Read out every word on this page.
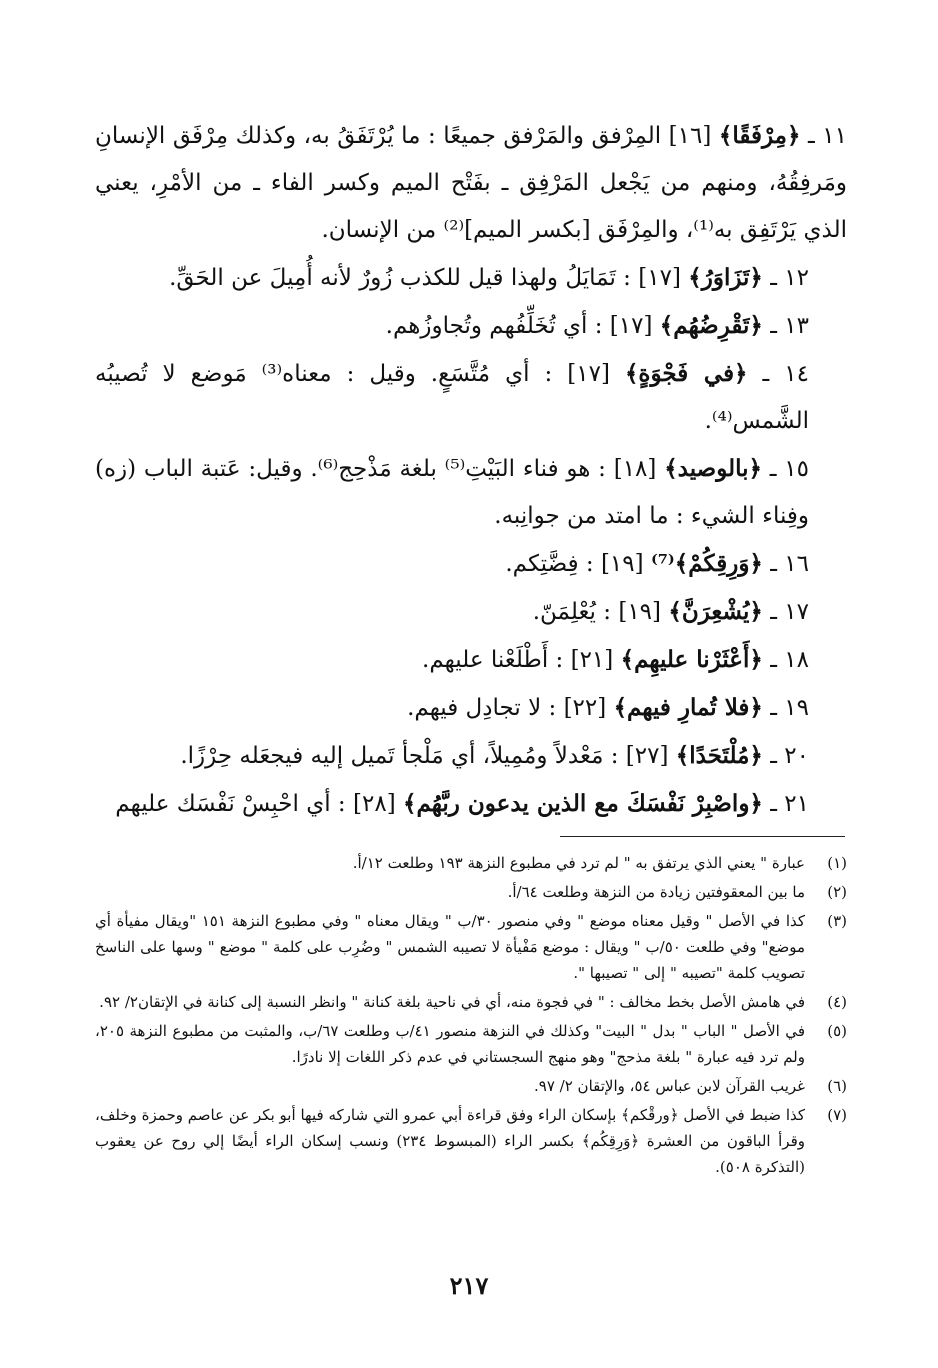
١١ ـ ﴿مِرْفَقًا﴾ [١٦] المِرْفق والمَرْفق جميعًا : ما يُرْتَفَقُ به، وكذلك مِرْفَق الإنسانِ ومَرفِقُهُ، ومنهم من يَجْعل المَرْفِق ـ بفَتْح الميم وكسر الفاء ـ من الأمْرِ، يعني الذي يَرْتَفِق به⁽¹⁾، والمِرْفَق [بكسر الميم]⁽²⁾ من الإنسان.

١٢ ـ ﴿تَزَاوَرُ﴾ [١٧] : تَمَايَلُ ولهذا قيل للكذب زُورٌ لأنه أُمِيلَ عن الحَقِّ.

١٣ ـ ﴿تَقْرِضُهُم﴾ [١٧] : أي تُخَلِّفُهم وتُجاوزُهم.

١٤ ـ ﴿في فَجْوَةٍ﴾ [١٧] : أي مُتَّسَعٍ. وقيل : معناه⁽³⁾ مَوضع لا تُصيبُه الشَّمس⁽⁴⁾.

١٥ ـ ﴿بالوصيد﴾ [١٨] : هو فناء البَيْتِ⁽⁵⁾ بلغة مَذْحِج⁽⁶⁾. وقيل: عَتبة الباب (زه) وفِناء الشيء : ما امتد من جوانِبه.

١٦ ـ ﴿وَرِقِكُمْ﴾⁽⁷⁾ [١٩] : فِضَّتِكم.

١٧ ـ ﴿يُشْعِرَنَّ﴾ [١٩] : يُعْلِمَنّ.

١٨ ـ ﴿أَعْثَرْنا عليهِم﴾ [٢١] : أَطْلَعْنا عليهم.

١٩ ـ ﴿فلا تُمارِ فيهم﴾ [٢٢] : لا تجادِل فيهم.

٢٠ ـ ﴿مُلْتَحَدًا﴾ [٢٧] : مَعْدلاً ومُمِيلاً، أي مَلْجأ تَميل إليه فيجعَله حِرْزًا.

٢١ ـ ﴿واصْبِرْ نَفْسَكَ مع الذين يدعون ربَّهُم﴾ [٢٨] : أي احْبِسْ نَفْسَك عليهم

(١)
عبارة " يعني الذي يرتفق به " لم ترد في مطبوع النزهة ١٩٣ وطلعت ١٢/أ.
(٢)
ما بين المعقوفتين زيادة من النزهة وطلعت ٦٤/أ.
(٣)
كذا في الأصل " وقيل معناه موضع " وفي منصور ٣٠/ب " ويقال معناه " وفي مطبوع النزهة ١٥١ "ويقال مفيأة أي موضع" وفي طلعت ٥٠/ب " ويقال : موضع مَفْيأة لا تصيبه الشمس " وضُرِب على كلمة " موضع " وسها على الناسخ تصويب كلمة "تصيبه " إلى " تصيبها ".
(٤)
في هامش الأصل بخط مخالف : " في فجوة منه، أي في ناحية بلغة كنانة " وانظر النسبة إلى كنانة في الإتقان٢/ ٩٢.
(٥)
في الأصل " الباب " بدل " البيت" وكذلك في النزهة منصور ٤١/ب وطلعت ٦٧/ب، والمثبت من مطبوع النزهة ٢٠٥، ولم ترد فيه عبارة " بلغة مذحج" وهو منهج السجستاني في عدم ذكر اللغات إلا نادرًا.
(٦)
غريب القرآن لابن عباس ٥٤، والإتقان ٢/ ٩٧.
(٧)
كذا ضبط في الأصل ﴿ورقْكم﴾ بإسكان الراء وفق قراءة أبي عمرو التي شاركه فيها أبو بكر عن عاصم وحمزة وخلف، وقرأ الباقون من العشرة ﴿وَرِقِكُم﴾ بكسر الراء (المبسوط ٢٣٤) ونسب إسكان الراء أيضًا إلي روح عن يعقوب (التذكرة ٥٠٨).
٢١٧
